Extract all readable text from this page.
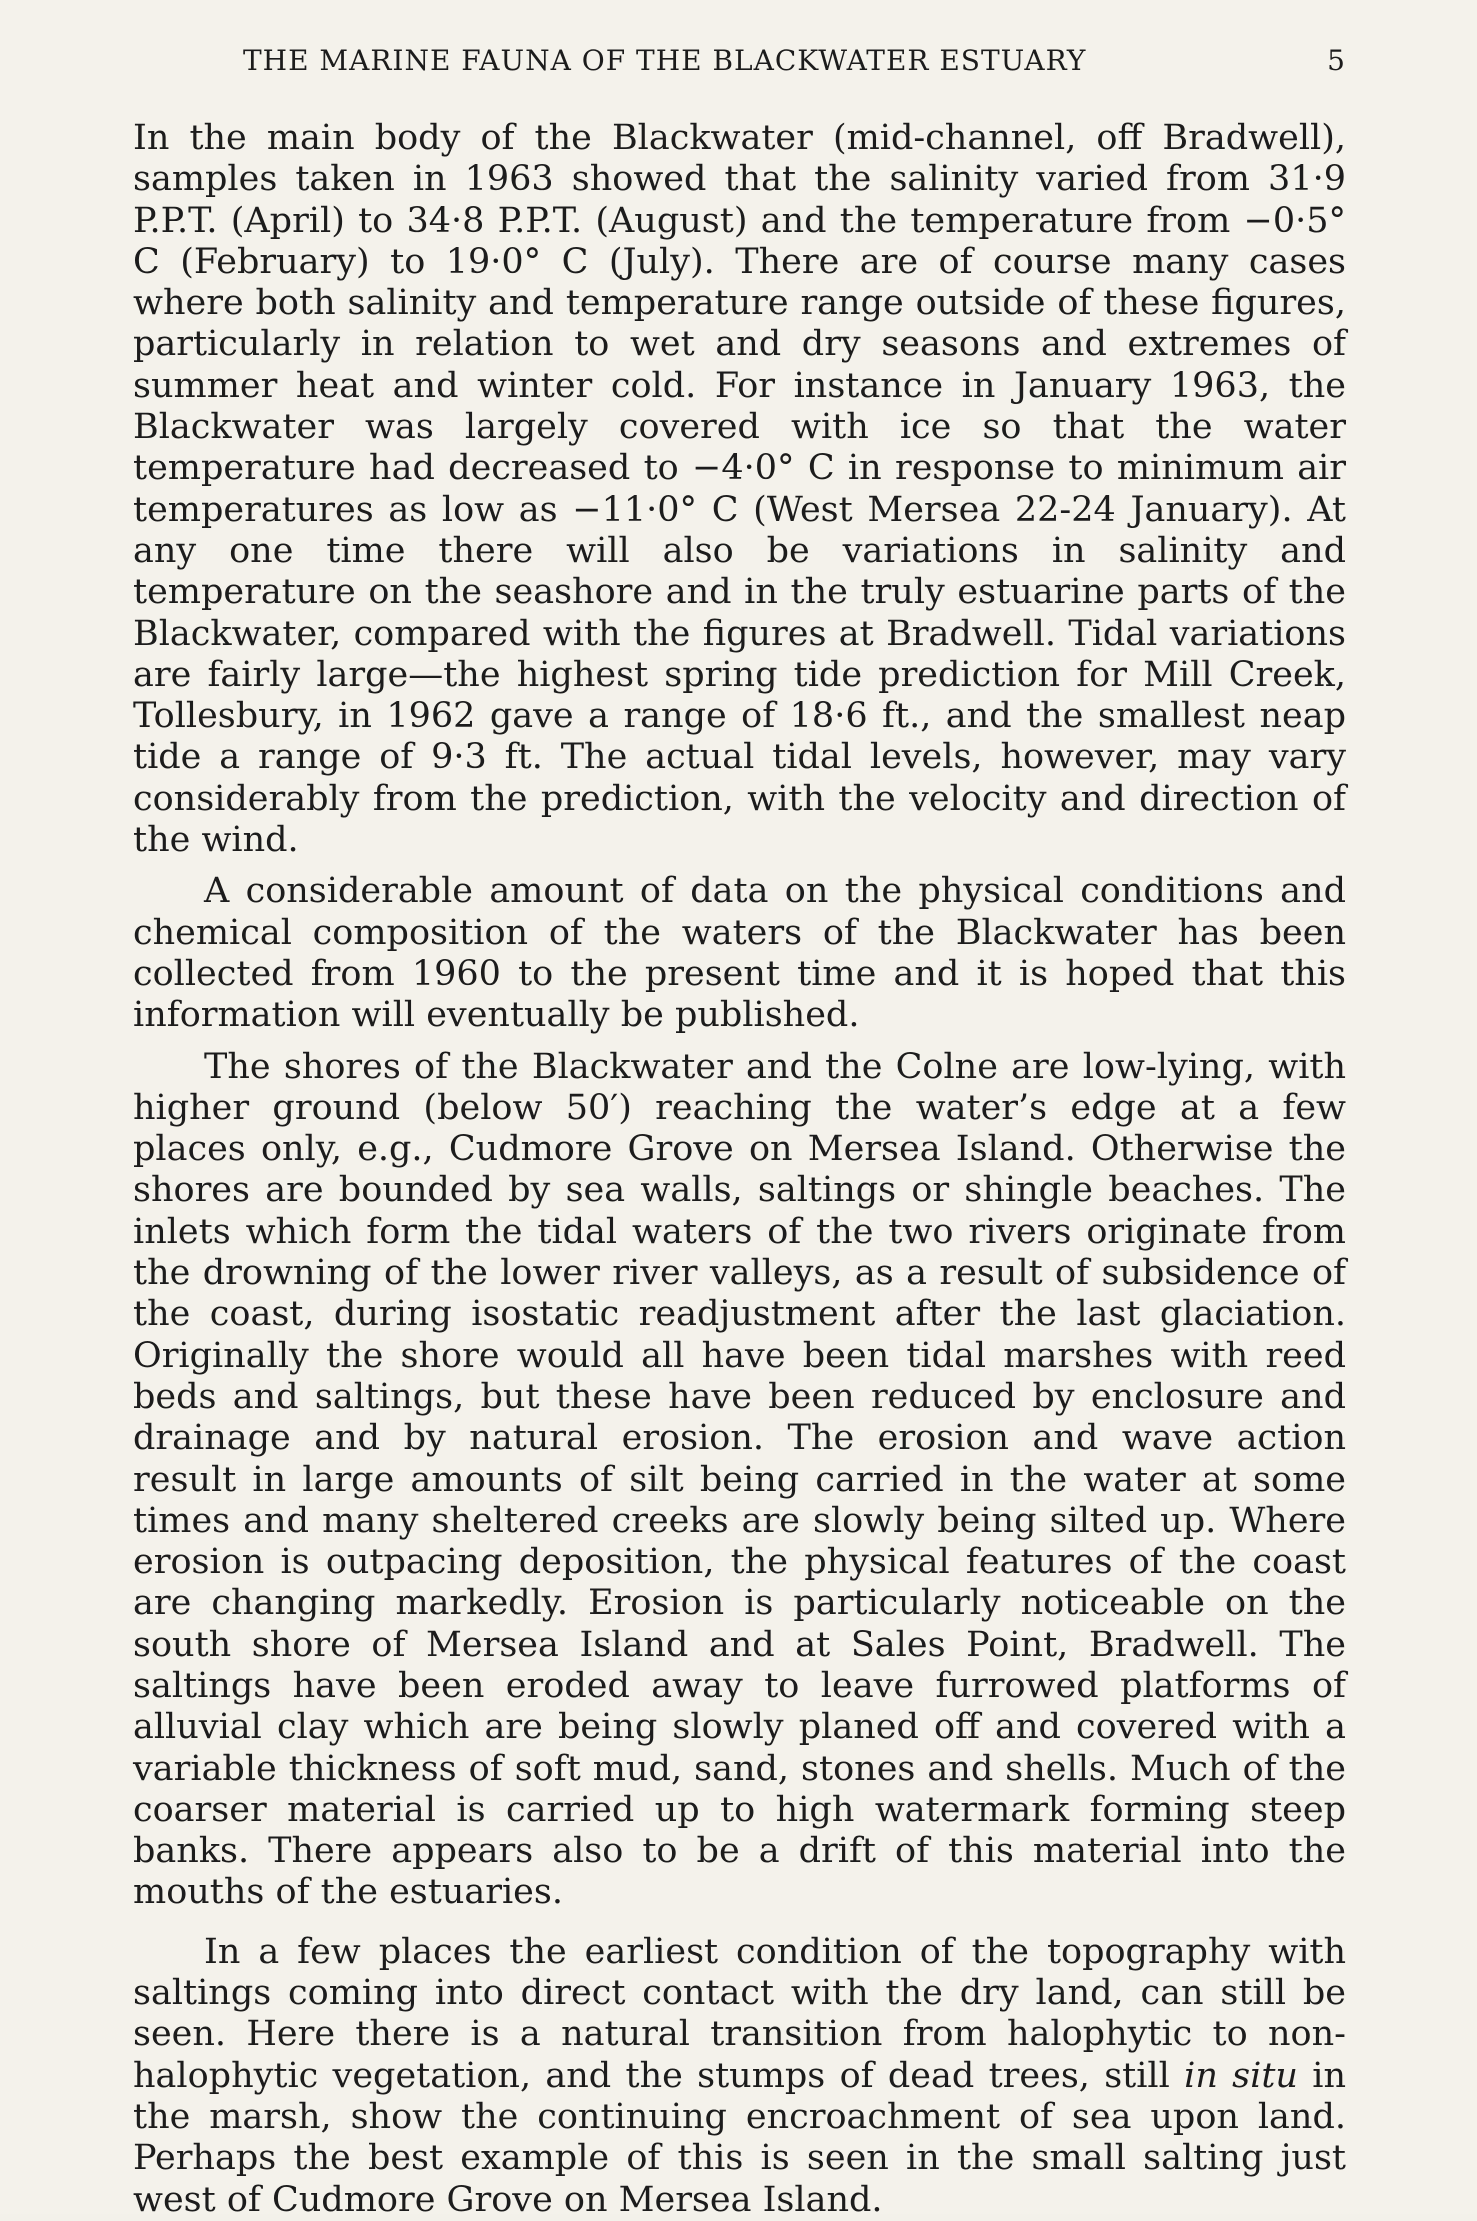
THE MARINE FAUNA OF THE BLACKWATER ESTUARY	5

In the main body of the Blackwater (mid-channel, off Bradwell), samples taken in 1963 showed that the salinity varied from 31·9 P.P.T. (April) to 34·8 P.P.T. (August) and the temperature from −0·5° C (February) to 19·0° C (July). There are of course many cases where both salinity and temperature range outside of these figures, particularly in relation to wet and dry seasons and extremes of summer heat and winter cold. For instance in January 1963, the Blackwater was largely covered with ice so that the water temperature had decreased to −4·0° C in response to minimum air temperatures as low as −11·0° C (West Mersea 22-24 January). At any one time there will also be variations in salinity and temperature on the seashore and in the truly estuarine parts of the Blackwater, compared with the figures at Bradwell. Tidal variations are fairly large—the highest spring tide prediction for Mill Creek, Tollesbury, in 1962 gave a range of 18·6 ft., and the smallest neap tide a range of 9·3 ft. The actual tidal levels, however, may vary considerably from the prediction, with the velocity and direction of the wind.

A considerable amount of data on the physical conditions and chemical composition of the waters of the Blackwater has been collected from 1960 to the present time and it is hoped that this information will eventually be published.

The shores of the Blackwater and the Colne are low-lying, with higher ground (below 50′) reaching the water’s edge at a few places only, e.g., Cudmore Grove on Mersea Island. Otherwise the shores are bounded by sea walls, saltings or shingle beaches. The inlets which form the tidal waters of the two rivers originate from the drowning of the lower river valleys, as a result of subsidence of the coast, during isostatic readjustment after the last glaciation. Originally the shore would all have been tidal marshes with reed beds and saltings, but these have been reduced by enclosure and drainage and by natural erosion. The erosion and wave action result in large amounts of silt being carried in the water at some times and many sheltered creeks are slowly being silted up. Where erosion is outpacing deposition, the physical features of the coast are changing markedly. Erosion is particularly noticeable on the south shore of Mersea Island and at Sales Point, Bradwell. The saltings have been eroded away to leave furrowed platforms of alluvial clay which are being slowly planed off and covered with a variable thickness of soft mud, sand, stones and shells. Much of the coarser material is carried up to high watermark forming steep banks. There appears also to be a drift of this material into the mouths of the estuaries.

In a few places the earliest condition of the topography with saltings coming into direct contact with the dry land, can still be seen. Here there is a natural transition from halophytic to non-halophytic vegetation, and the stumps of dead trees, still in situ in the marsh, show the continuing encroachment of sea upon land. Perhaps the best example of this is seen in the small salting just west of Cudmore Grove on Mersea Island.
